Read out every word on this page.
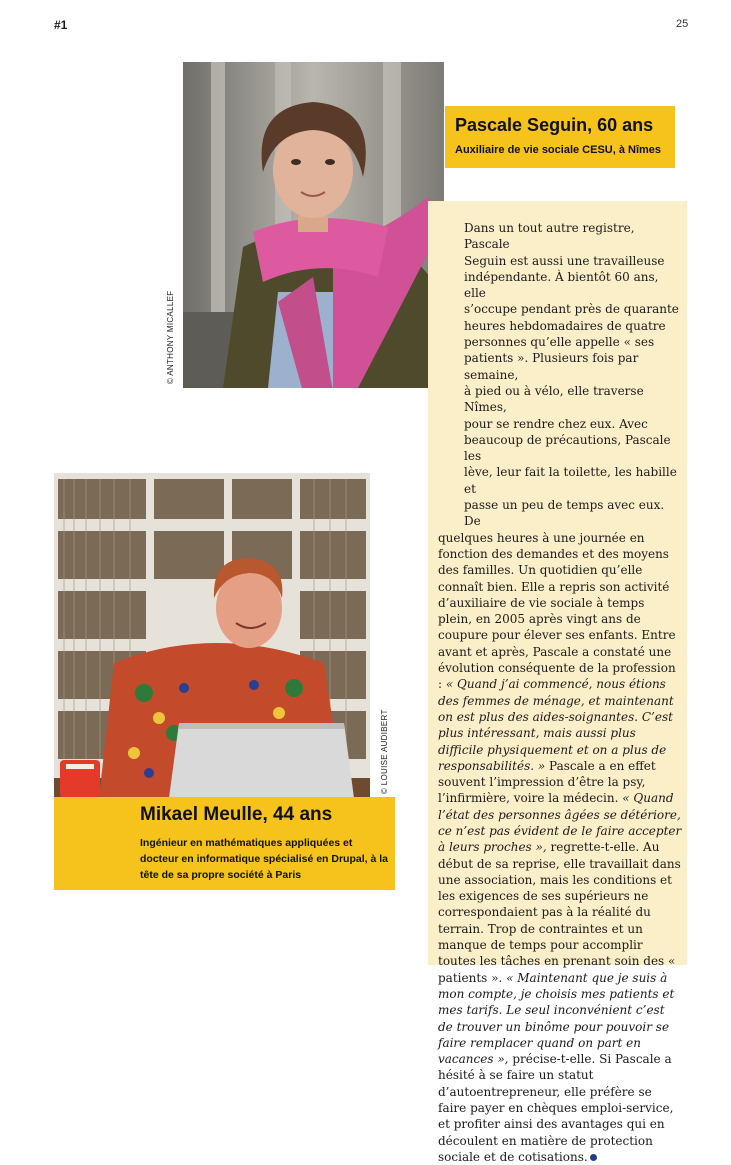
#1	25
© ANTHONY MICALLEF
Pascale Seguin, 60 ans
Auxiliaire de vie sociale CESU, à Nîmes
© LOUISE AUDIBERT
Mikael Meulle, 44 ans
Ingénieur en mathématiques appliquées et docteur en informatique spécialisé en Drupal, à la tête de sa propre société à Paris
Dans un tout autre registre, Pascale
Seguin est aussi une travailleuse
indépendante. À bientôt 60 ans, elle
s’occupe pendant près de quarante
heures hebdomadaires de quatre
personnes qu’elle appelle « ses
patients ». Plusieurs fois par semaine,
à pied ou à vélo, elle traverse Nîmes,
pour se rendre chez eux. Avec
beaucoup de précautions, Pascale les
lève, leur fait la toilette, les habille et
passe un peu de temps avec eux. De
quelques heures à une journée en fonction des demandes et des moyens des familles. Un quotidien qu’elle connaît bien. Elle a repris son activité d’auxiliaire de vie sociale à temps plein, en 2005 après vingt ans de coupure pour élever ses enfants. Entre avant et après, Pascale a constaté une évolution conséquente de la profession : « Quand j’ai commencé, nous étions des femmes de ménage, et maintenant on est plus des aides-soignantes. C’est plus intéressant, mais aussi plus difficile physiquement et on a plus de responsabilités. » Pascale a en effet souvent l’impression d’être la psy, l’infirmière, voire la médecin. « Quand l’état des personnes âgées se détériore, ce n’est pas évident de le faire accepter à leurs proches », regrette-t-elle. Au début de sa reprise, elle travaillait dans une association, mais les conditions et les exigences de ses supérieurs ne correspondaient pas à la réalité du terrain. Trop de contraintes et un manque de temps pour accomplir toutes les tâches en prenant soin des « patients ». « Maintenant que je suis à mon compte, je choisis mes patients et mes tarifs. Le seul inconvénient c’est de trouver un binôme pour pouvoir se faire remplacer quand on part en vacances », précise-t-elle. Si Pascale a hésité à se faire un statut d’autoentrepreneur, elle préfère se faire payer en chèques emploi-service, et profiter ainsi des avantages qui en découlent en matière de protection sociale et de cotisations.
